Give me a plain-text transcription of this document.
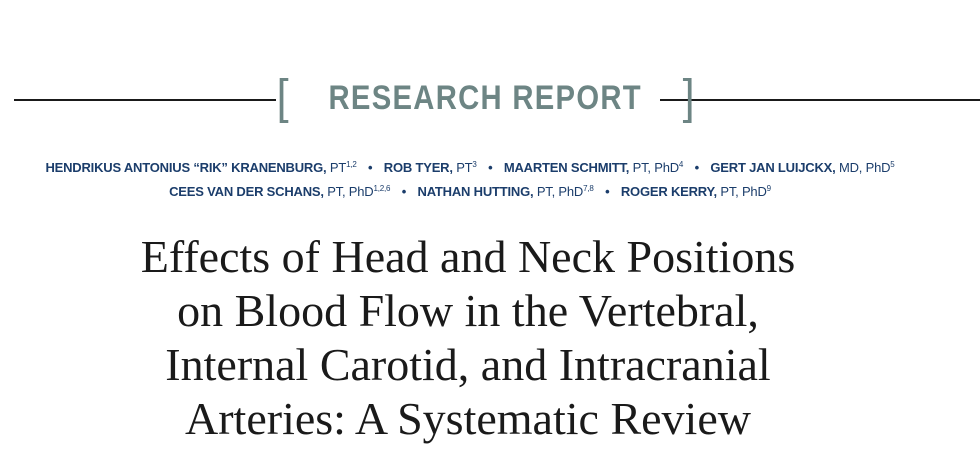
[ RESEARCH REPORT ]
HENDRIKUS ANTONIUS “RIK” KRANENBURG, PT$^{1,2}$ • ROB TYER, $PT^3$ • MAARTEN SCHMITT, PT, PhD$^4$ • GERT JAN LUIJCKX, MD, PhD$^5$
CEES VAN DER SCHANS, PT, PhD$^{1,2,6}$ • NATHAN HUTTING, PT, PhD$^{7,8}$ • ROGER KERRY, PT, PhD$^9$
Effects of Head and Neck Positions
on Blood Flow in the Vertebral,
Internal Carotid, and Intracranial
Arteries: A Systematic Review
